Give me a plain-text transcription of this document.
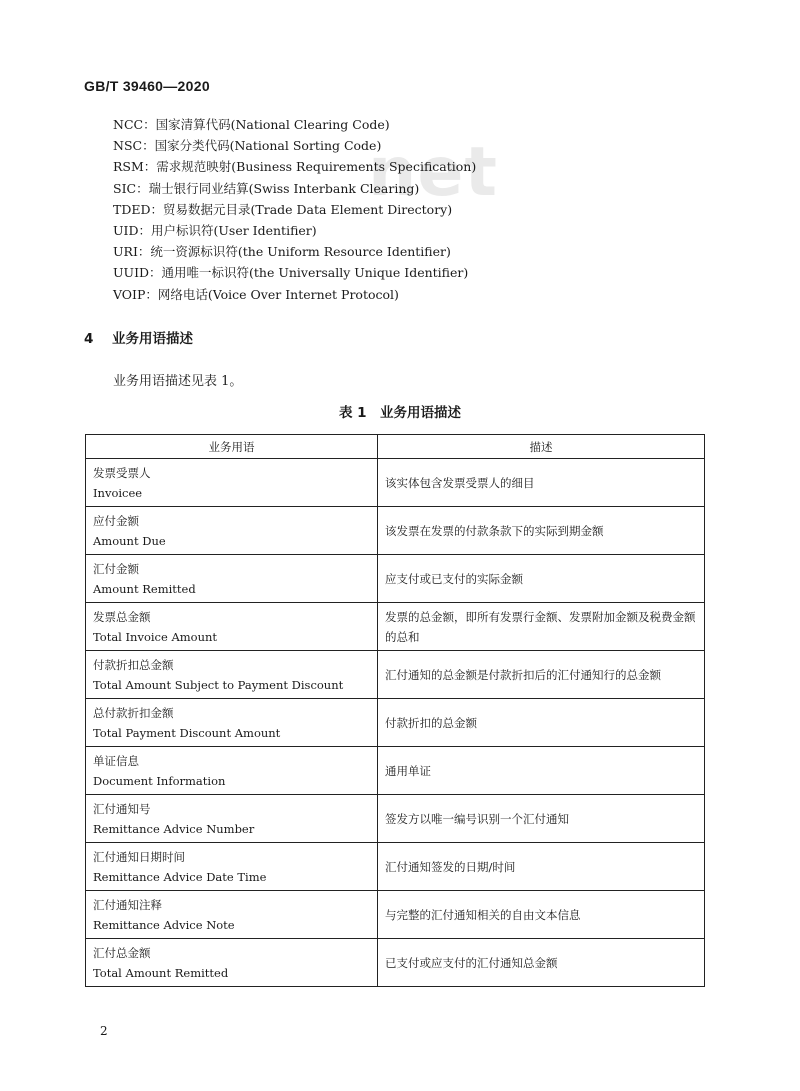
GB/T 39460—2020
net
NCC：国家清算代码(National Clearing Code)
NSC：国家分类代码(National Sorting Code)
RSM：需求规范映射(Business Requirements Specification)
SIC：瑞士银行同业结算(Swiss Interbank Clearing)
TDED：贸易数据元目录(Trade Data Element Directory)
UID：用户标识符(User Identifier)
URI：统一资源标识符(the Uniform Resource Identifier)
UUID：通用唯一标识符(the Universally Unique Identifier)
VOIP：网络电话(Voice Over Internet Protocol)
4 业务用语描述
业务用语描述见表 1。
表 1　业务用语描述
业务用语	描述

发票受票人
Invoicee	该实体包含发票受票人的细目

应付金额
Amount Due	该发票在发票的付款条款下的实际到期金额

汇付金额
Amount Remitted	应支付或已支付的实际金额

发票总金额
Total Invoice Amount	发票的总金额，即所有发票行金额、发票附加金额及税费金额的总和

付款折扣总金额
Total Amount Subject to Payment Discount	汇付通知的总金额是付款折扣后的汇付通知行的总金额

总付款折扣金额
Total Payment Discount Amount	付款折扣的总金额

单证信息
Document Information	通用单证

汇付通知号
Remittance Advice Number	签发方以唯一编号识别一个汇付通知

汇付通知日期时间
Remittance Advice Date Time	汇付通知签发的日期/时间

汇付通知注释
Remittance Advice Note	与完整的汇付通知相关的自由文本信息

汇付总金额
Total Amount Remitted	已支付或应支付的汇付通知总金额
2
